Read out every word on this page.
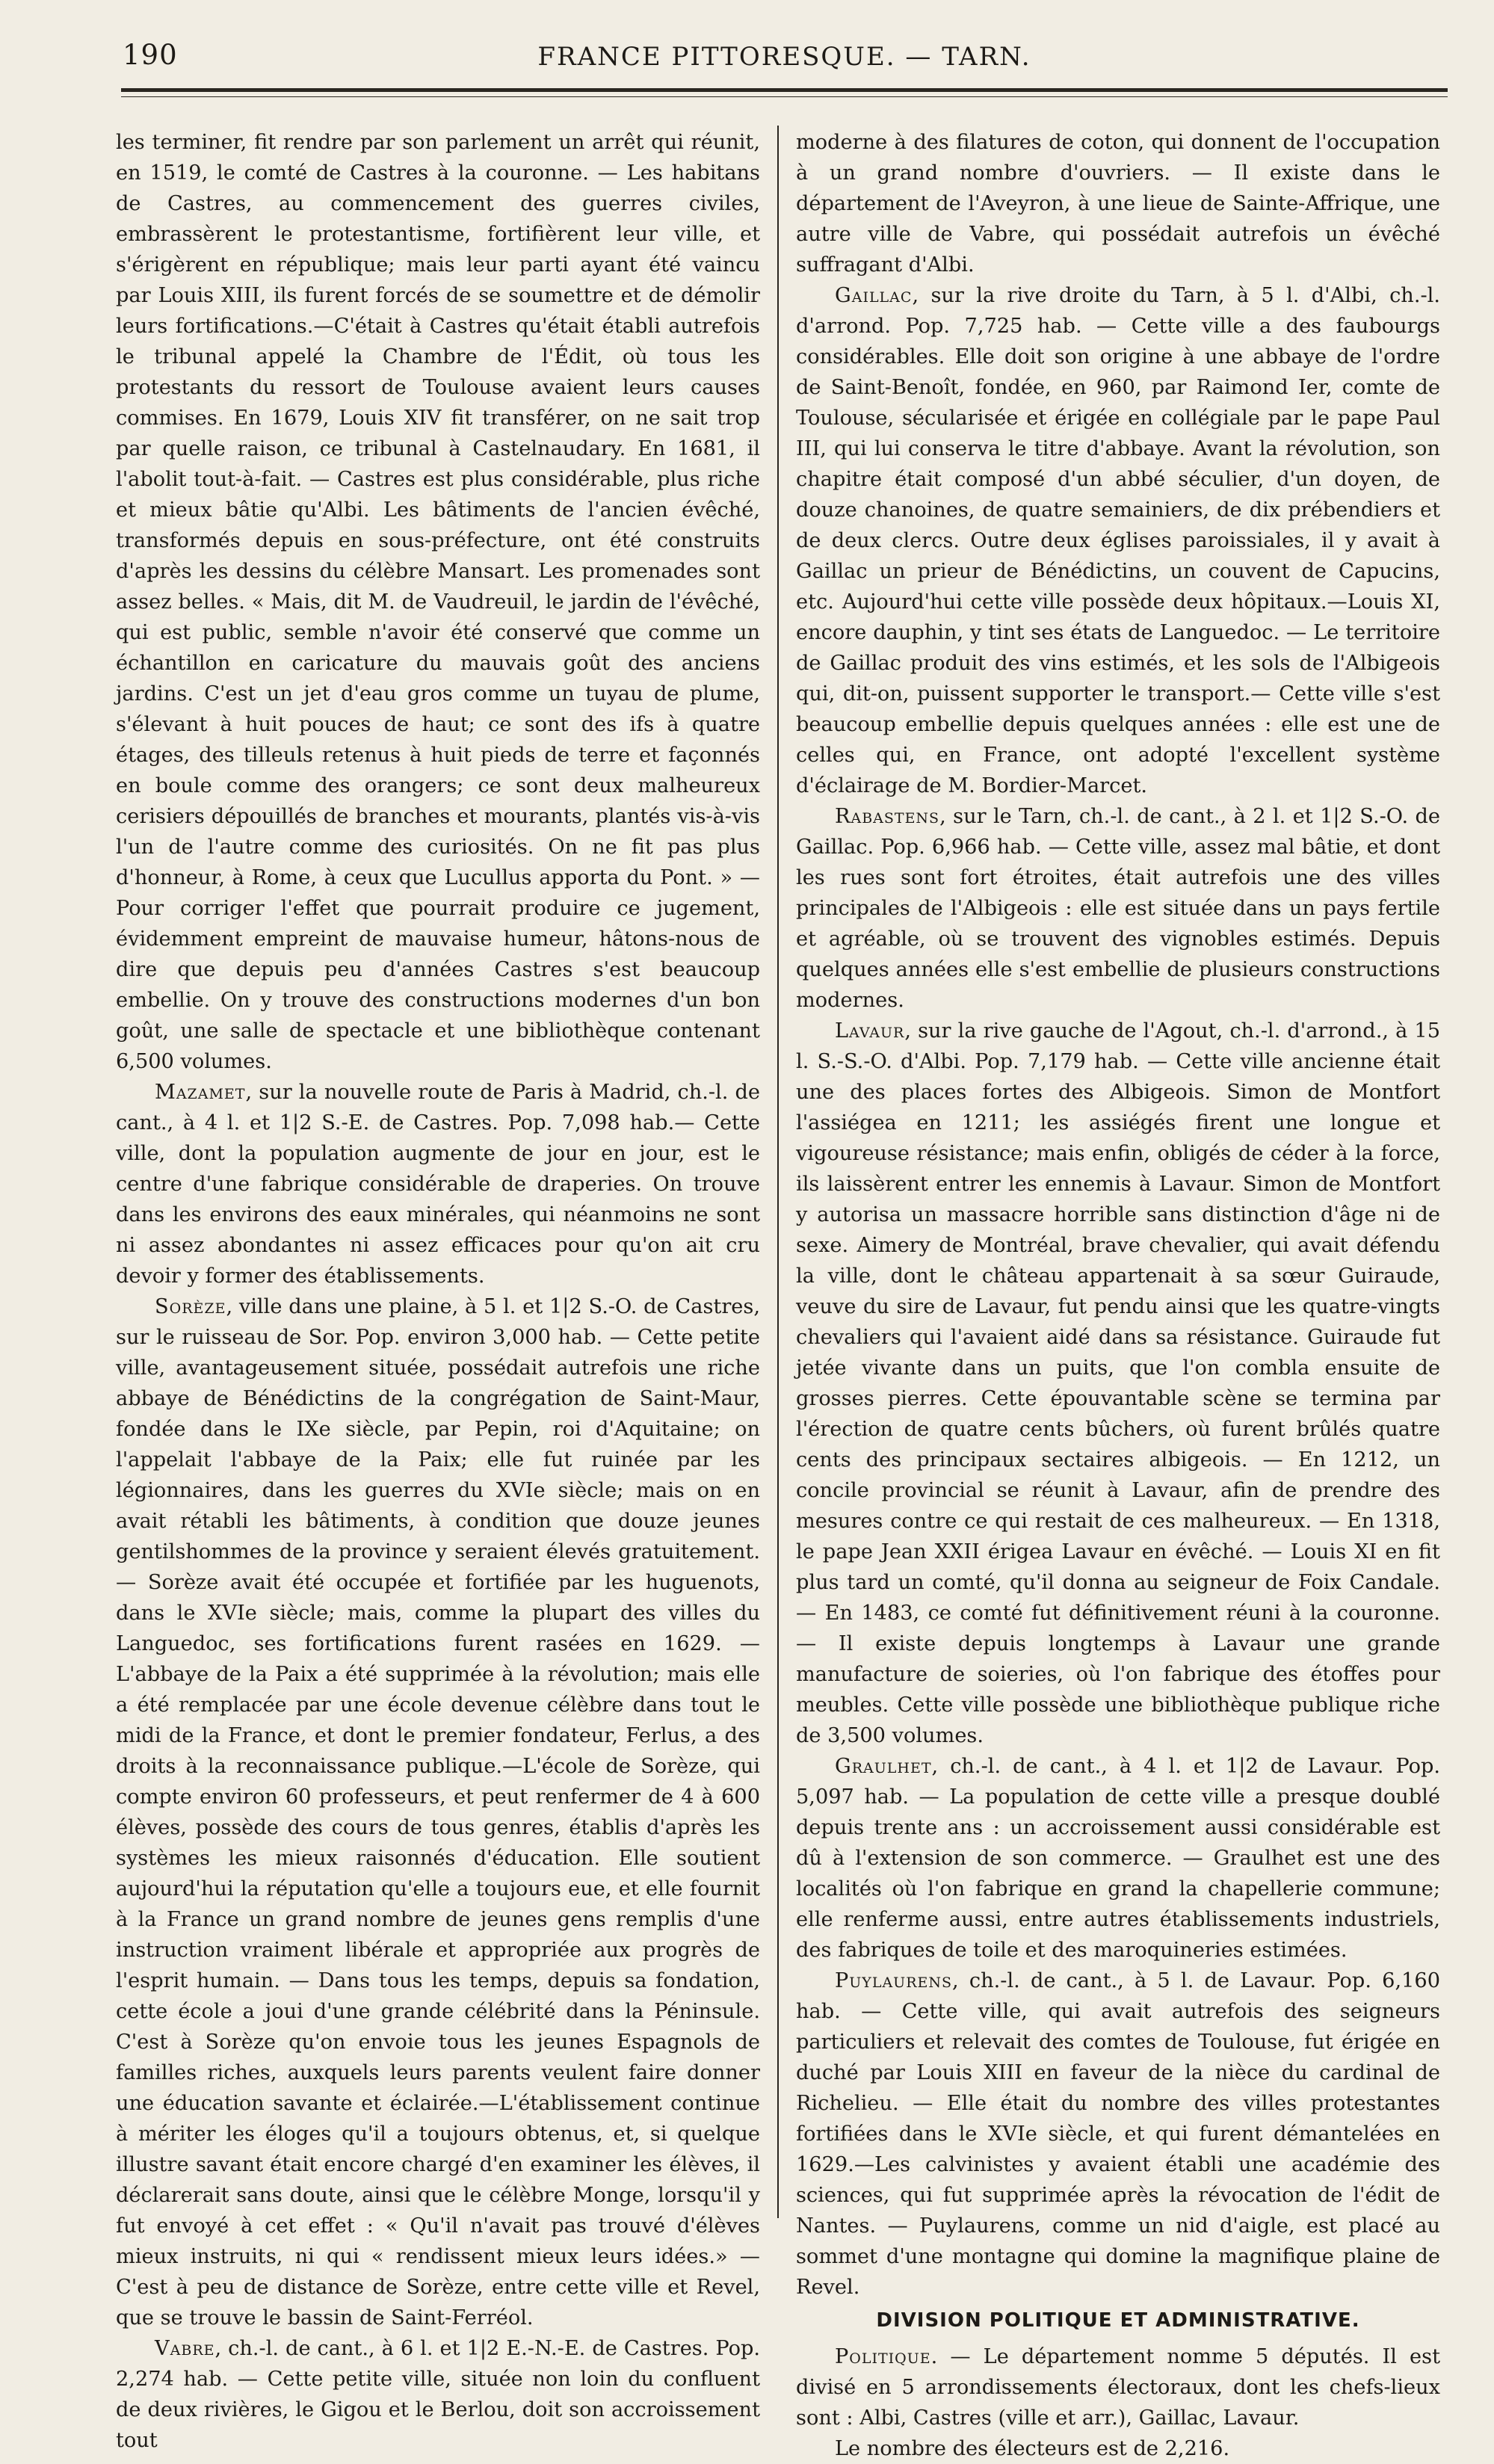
190	FRANCE PITTORESQUE. — TARN.

les terminer, fit rendre par son parlement un arrêt qui réunit, en 1519, le comté de Castres à la couronne. — Les habitans de Castres, au commencement des guerres civiles, embrassèrent le protestantisme, fortifièrent leur ville, et s'érigèrent en république; mais leur parti ayant été vaincu par Louis XIII, ils furent forcés de se soumettre et de démolir leurs fortifications.—C'était à Castres qu'était établi autrefois le tribunal appelé la Chambre de l'Édit, où tous les protestants du ressort de Toulouse avaient leurs causes commises. En 1679, Louis XIV fit transférer, on ne sait trop par quelle raison, ce tribunal à Castelnaudary. En 1681, il l'abolit tout-à-fait. — Castres est plus considérable, plus riche et mieux bâtie qu'Albi. Les bâtiments de l'ancien évêché, transformés depuis en sous-préfecture, ont été construits d'après les dessins du célèbre Mansart. Les promenades sont assez belles. « Mais, dit M. de Vaudreuil, le jardin de l'évêché, qui est public, semble n'avoir été conservé que comme un échantillon en caricature du mauvais goût des anciens jardins. C'est un jet d'eau gros comme un tuyau de plume, s'élevant à huit pouces de haut; ce sont des ifs à quatre étages, des tilleuls retenus à huit pieds de terre et façonnés en boule comme des orangers; ce sont deux malheureux cerisiers dépouillés de branches et mourants, plantés vis-à-vis l'un de l'autre comme des curiosités. On ne fit pas plus d'honneur, à Rome, à ceux que Lucullus apporta du Pont. » — Pour corriger l'effet que pourrait produire ce jugement, évidemment empreint de mauvaise humeur, hâtons-nous de dire que depuis peu d'années Castres s'est beaucoup embellie. On y trouve des constructions modernes d'un bon goût, une salle de spectacle et une bibliothèque contenant 6,500 volumes.

Mazamet, sur la nouvelle route de Paris à Madrid, ch.-l. de cant., à 4 l. et 1|2 S.-E. de Castres. Pop. 7,098 hab.— Cette ville, dont la population augmente de jour en jour, est le centre d'une fabrique considérable de draperies. On trouve dans les environs des eaux minérales, qui néanmoins ne sont ni assez abondantes ni assez efficaces pour qu'on ait cru devoir y former des établissements.

Sorèze, ville dans une plaine, à 5 l. et 1|2 S.-O. de Castres, sur le ruisseau de Sor. Pop. environ 3,000 hab. — Cette petite ville, avantageusement située, possédait autrefois une riche abbaye de Bénédictins de la congrégation de Saint-Maur, fondée dans le IXe siècle, par Pepin, roi d'Aquitaine; on l'appelait l'abbaye de la Paix; elle fut ruinée par les légionnaires, dans les guerres du XVIe siècle; mais on en avait rétabli les bâtiments, à condition que douze jeunes gentilshommes de la province y seraient élevés gratuitement. — Sorèze avait été occupée et fortifiée par les huguenots, dans le XVIe siècle; mais, comme la plupart des villes du Languedoc, ses fortifications furent rasées en 1629. —L'abbaye de la Paix a été supprimée à la révolution; mais elle a été remplacée par une école devenue célèbre dans tout le midi de la France, et dont le premier fondateur, Ferlus, a des droits à la reconnaissance publique.—L'école de Sorèze, qui compte environ 60 professeurs, et peut renfermer de 4 à 600 élèves, possède des cours de tous genres, établis d'après les systèmes les mieux raisonnés d'éducation. Elle soutient aujourd'hui la réputation qu'elle a toujours eue, et elle fournit à la France un grand nombre de jeunes gens remplis d'une instruction vraiment libérale et appropriée aux progrès de l'esprit humain. — Dans tous les temps, depuis sa fondation, cette école a joui d'une grande célébrité dans la Péninsule. C'est à Sorèze qu'on envoie tous les jeunes Espagnols de familles riches, auxquels leurs parents veulent faire donner une éducation savante et éclairée.—L'établissement continue à mériter les éloges qu'il a toujours obtenus, et, si quelque illustre savant était encore chargé d'en examiner les élèves, il déclarerait sans doute, ainsi que le célèbre Monge, lorsqu'il y fut envoyé à cet effet : « Qu'il n'avait pas trouvé d'élèves mieux instruits, ni qui « rendissent mieux leurs idées.» — C'est à peu de distance de Sorèze, entre cette ville et Revel, que se trouve le bassin de Saint-Ferréol.

Vabre, ch.-l. de cant., à 6 l. et 1|2 E.-N.-E. de Castres. Pop. 2,274 hab. — Cette petite ville, située non loin du confluent de deux rivières, le Gigou et le Berlou, doit son accroissement tout

moderne à des filatures de coton, qui donnent de l'occupation à un grand nombre d'ouvriers. — Il existe dans le département de l'Aveyron, à une lieue de Sainte-Affrique, une autre ville de Vabre, qui possédait autrefois un évêché suffragant d'Albi.

Gaillac, sur la rive droite du Tarn, à 5 l. d'Albi, ch.-l. d'arrond. Pop. 7,725 hab. — Cette ville a des faubourgs considérables. Elle doit son origine à une abbaye de l'ordre de Saint-Benoît, fondée, en 960, par Raimond Ier, comte de Toulouse, sécularisée et érigée en collégiale par le pape Paul III, qui lui conserva le titre d'abbaye. Avant la révolution, son chapitre était composé d'un abbé séculier, d'un doyen, de douze chanoines, de quatre semainiers, de dix prébendiers et de deux clercs. Outre deux églises paroissiales, il y avait à Gaillac un prieur de Bénédictins, un couvent de Capucins, etc. Aujourd'hui cette ville possède deux hôpitaux.—Louis XI, encore dauphin, y tint ses états de Languedoc. — Le territoire de Gaillac produit des vins estimés, et les sols de l'Albigeois qui, dit-on, puissent supporter le transport.— Cette ville s'est beaucoup embellie depuis quelques années : elle est une de celles qui, en France, ont adopté l'excellent système d'éclairage de M. Bordier-Marcet.

Rabastens, sur le Tarn, ch.-l. de cant., à 2 l. et 1|2 S.-O. de Gaillac. Pop. 6,966 hab. — Cette ville, assez mal bâtie, et dont les rues sont fort étroites, était autrefois une des villes principales de l'Albigeois : elle est située dans un pays fertile et agréable, où se trouvent des vignobles estimés. Depuis quelques années elle s'est embellie de plusieurs constructions modernes.

Lavaur, sur la rive gauche de l'Agout, ch.-l. d'arrond., à 15 l. S.-S.-O. d'Albi. Pop. 7,179 hab. — Cette ville ancienne était une des places fortes des Albigeois. Simon de Montfort l'assiégea en 1211; les assiégés firent une longue et vigoureuse résistance; mais enfin, obligés de céder à la force, ils laissèrent entrer les ennemis à Lavaur. Simon de Montfort y autorisa un massacre horrible sans distinction d'âge ni de sexe. Aimery de Montréal, brave chevalier, qui avait défendu la ville, dont le château appartenait à sa sœur Guiraude, veuve du sire de Lavaur, fut pendu ainsi que les quatre-vingts chevaliers qui l'avaient aidé dans sa résistance. Guiraude fut jetée vivante dans un puits, que l'on combla ensuite de grosses pierres. Cette épouvantable scène se termina par l'érection de quatre cents bûchers, où furent brûlés quatre cents des principaux sectaires albigeois. — En 1212, un concile provincial se réunit à Lavaur, afin de prendre des mesures contre ce qui restait de ces malheureux. — En 1318, le pape Jean XXII érigea Lavaur en évêché. — Louis XI en fit plus tard un comté, qu'il donna au seigneur de Foix Candale. — En 1483, ce comté fut définitivement réuni à la couronne. — Il existe depuis longtemps à Lavaur une grande manufacture de soieries, où l'on fabrique des étoffes pour meubles. Cette ville possède une bibliothèque publique riche de 3,500 volumes.

Graulhet, ch.-l. de cant., à 4 l. et 1|2 de Lavaur. Pop. 5,097 hab. — La population de cette ville a presque doublé depuis trente ans : un accroissement aussi considérable est dû à l'extension de son commerce. — Graulhet est une des localités où l'on fabrique en grand la chapellerie commune; elle renferme aussi, entre autres établissements industriels, des fabriques de toile et des maroquineries estimées.

Puylaurens, ch.-l. de cant., à 5 l. de Lavaur. Pop. 6,160 hab. — Cette ville, qui avait autrefois des seigneurs particuliers et relevait des comtes de Toulouse, fut érigée en duché par Louis XIII en faveur de la nièce du cardinal de Richelieu. — Elle était du nombre des villes protestantes fortifiées dans le XVIe siècle, et qui furent démantelées en 1629.—Les calvinistes y avaient établi une académie des sciences, qui fut supprimée après la révocation de l'édit de Nantes. — Puylaurens, comme un nid d'aigle, est placé au sommet d'une montagne qui domine la magnifique plaine de Revel.

DIVISION POLITIQUE ET ADMINISTRATIVE.

Politique. — Le département nomme 5 députés. Il est divisé en 5 arrondissements électoraux, dont les chefs-lieux sont : Albi, Castres (ville et arr.), Gaillac, Lavaur.

Le nombre des électeurs est de 2,216.
